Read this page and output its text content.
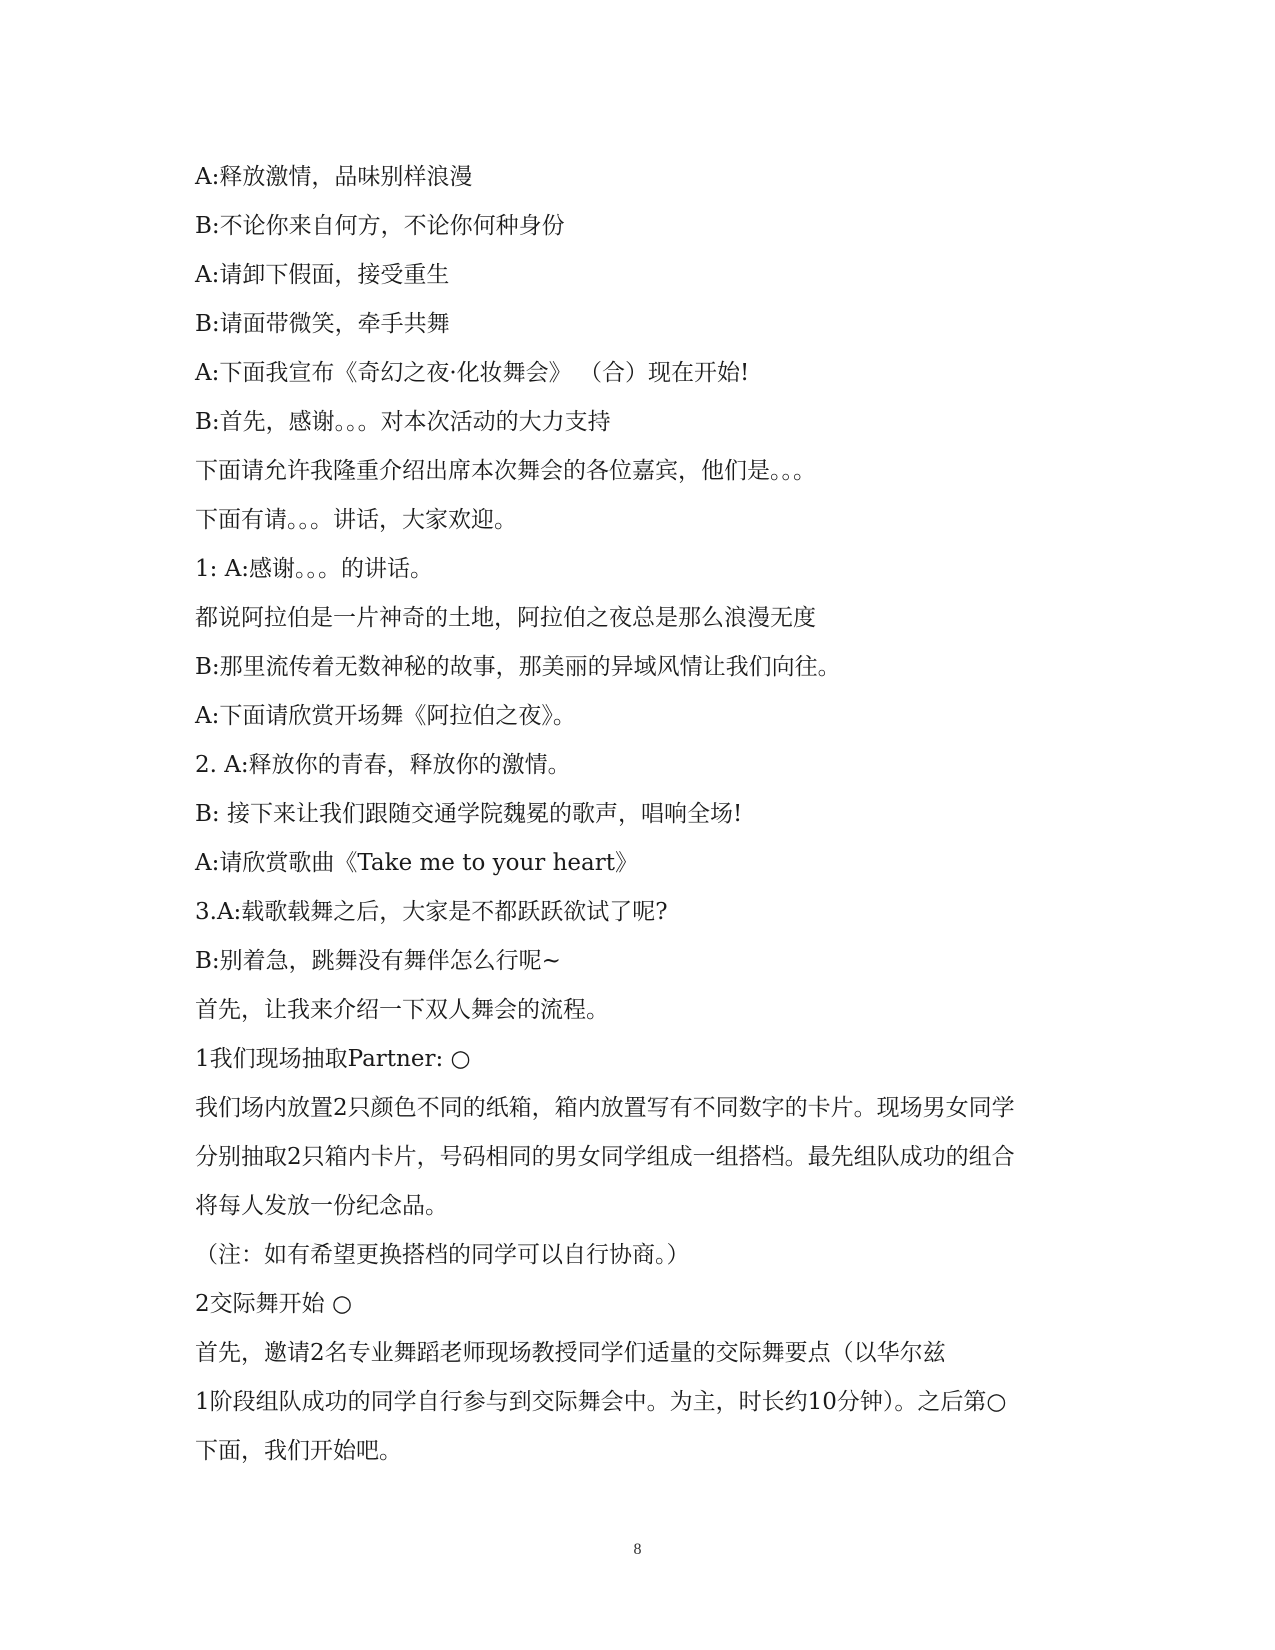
A:释放激情，品味别样浪漫
B:不论你来自何方，不论你何种身份
A:请卸下假面，接受重生
B:请面带微笑，牵手共舞
A:下面我宣布《奇幻之夜·化妆舞会》 （合）现在开始!
B:首先，感谢。。。对本次活动的大力支持
下面请允许我隆重介绍出席本次舞会的各位嘉宾，他们是。。。
下面有请。。。讲话，大家欢迎。
1: A:感谢。。。的讲话。
都说阿拉伯是一片神奇的土地，阿拉伯之夜总是那么浪漫无度
B:那里流传着无数神秘的故事，那美丽的异域风情让我们向往。
A:下面请欣赏开场舞《阿拉伯之夜》。
2. A:释放你的青春，释放你的激情。
B: 接下来让我们跟随交通学院魏冕的歌声，唱响全场!
A:请欣赏歌曲《Take me to your heart》
3.A:载歌载舞之后，大家是不都跃跃欲试了呢?
B:别着急，跳舞没有舞伴怎么行呢~
首先，让我来介绍一下双人舞会的流程。
1我们现场抽取Partner: ○
我们场内放置2只颜色不同的纸箱，箱内放置写有不同数字的卡片。现场男女同学
分别抽取2只箱内卡片，号码相同的男女同学组成一组搭档。最先组队成功的组合
将每人发放一份纪念品。
（注：如有希望更换搭档的同学可以自行协商。）
2交际舞开始 ○
首先，邀请2名专业舞蹈老师现场教授同学们适量的交际舞要点（以华尔兹
1阶段组队成功的同学自行参与到交际舞会中。为主，时长约10分钟）。之后第○
下面，我们开始吧。
8
